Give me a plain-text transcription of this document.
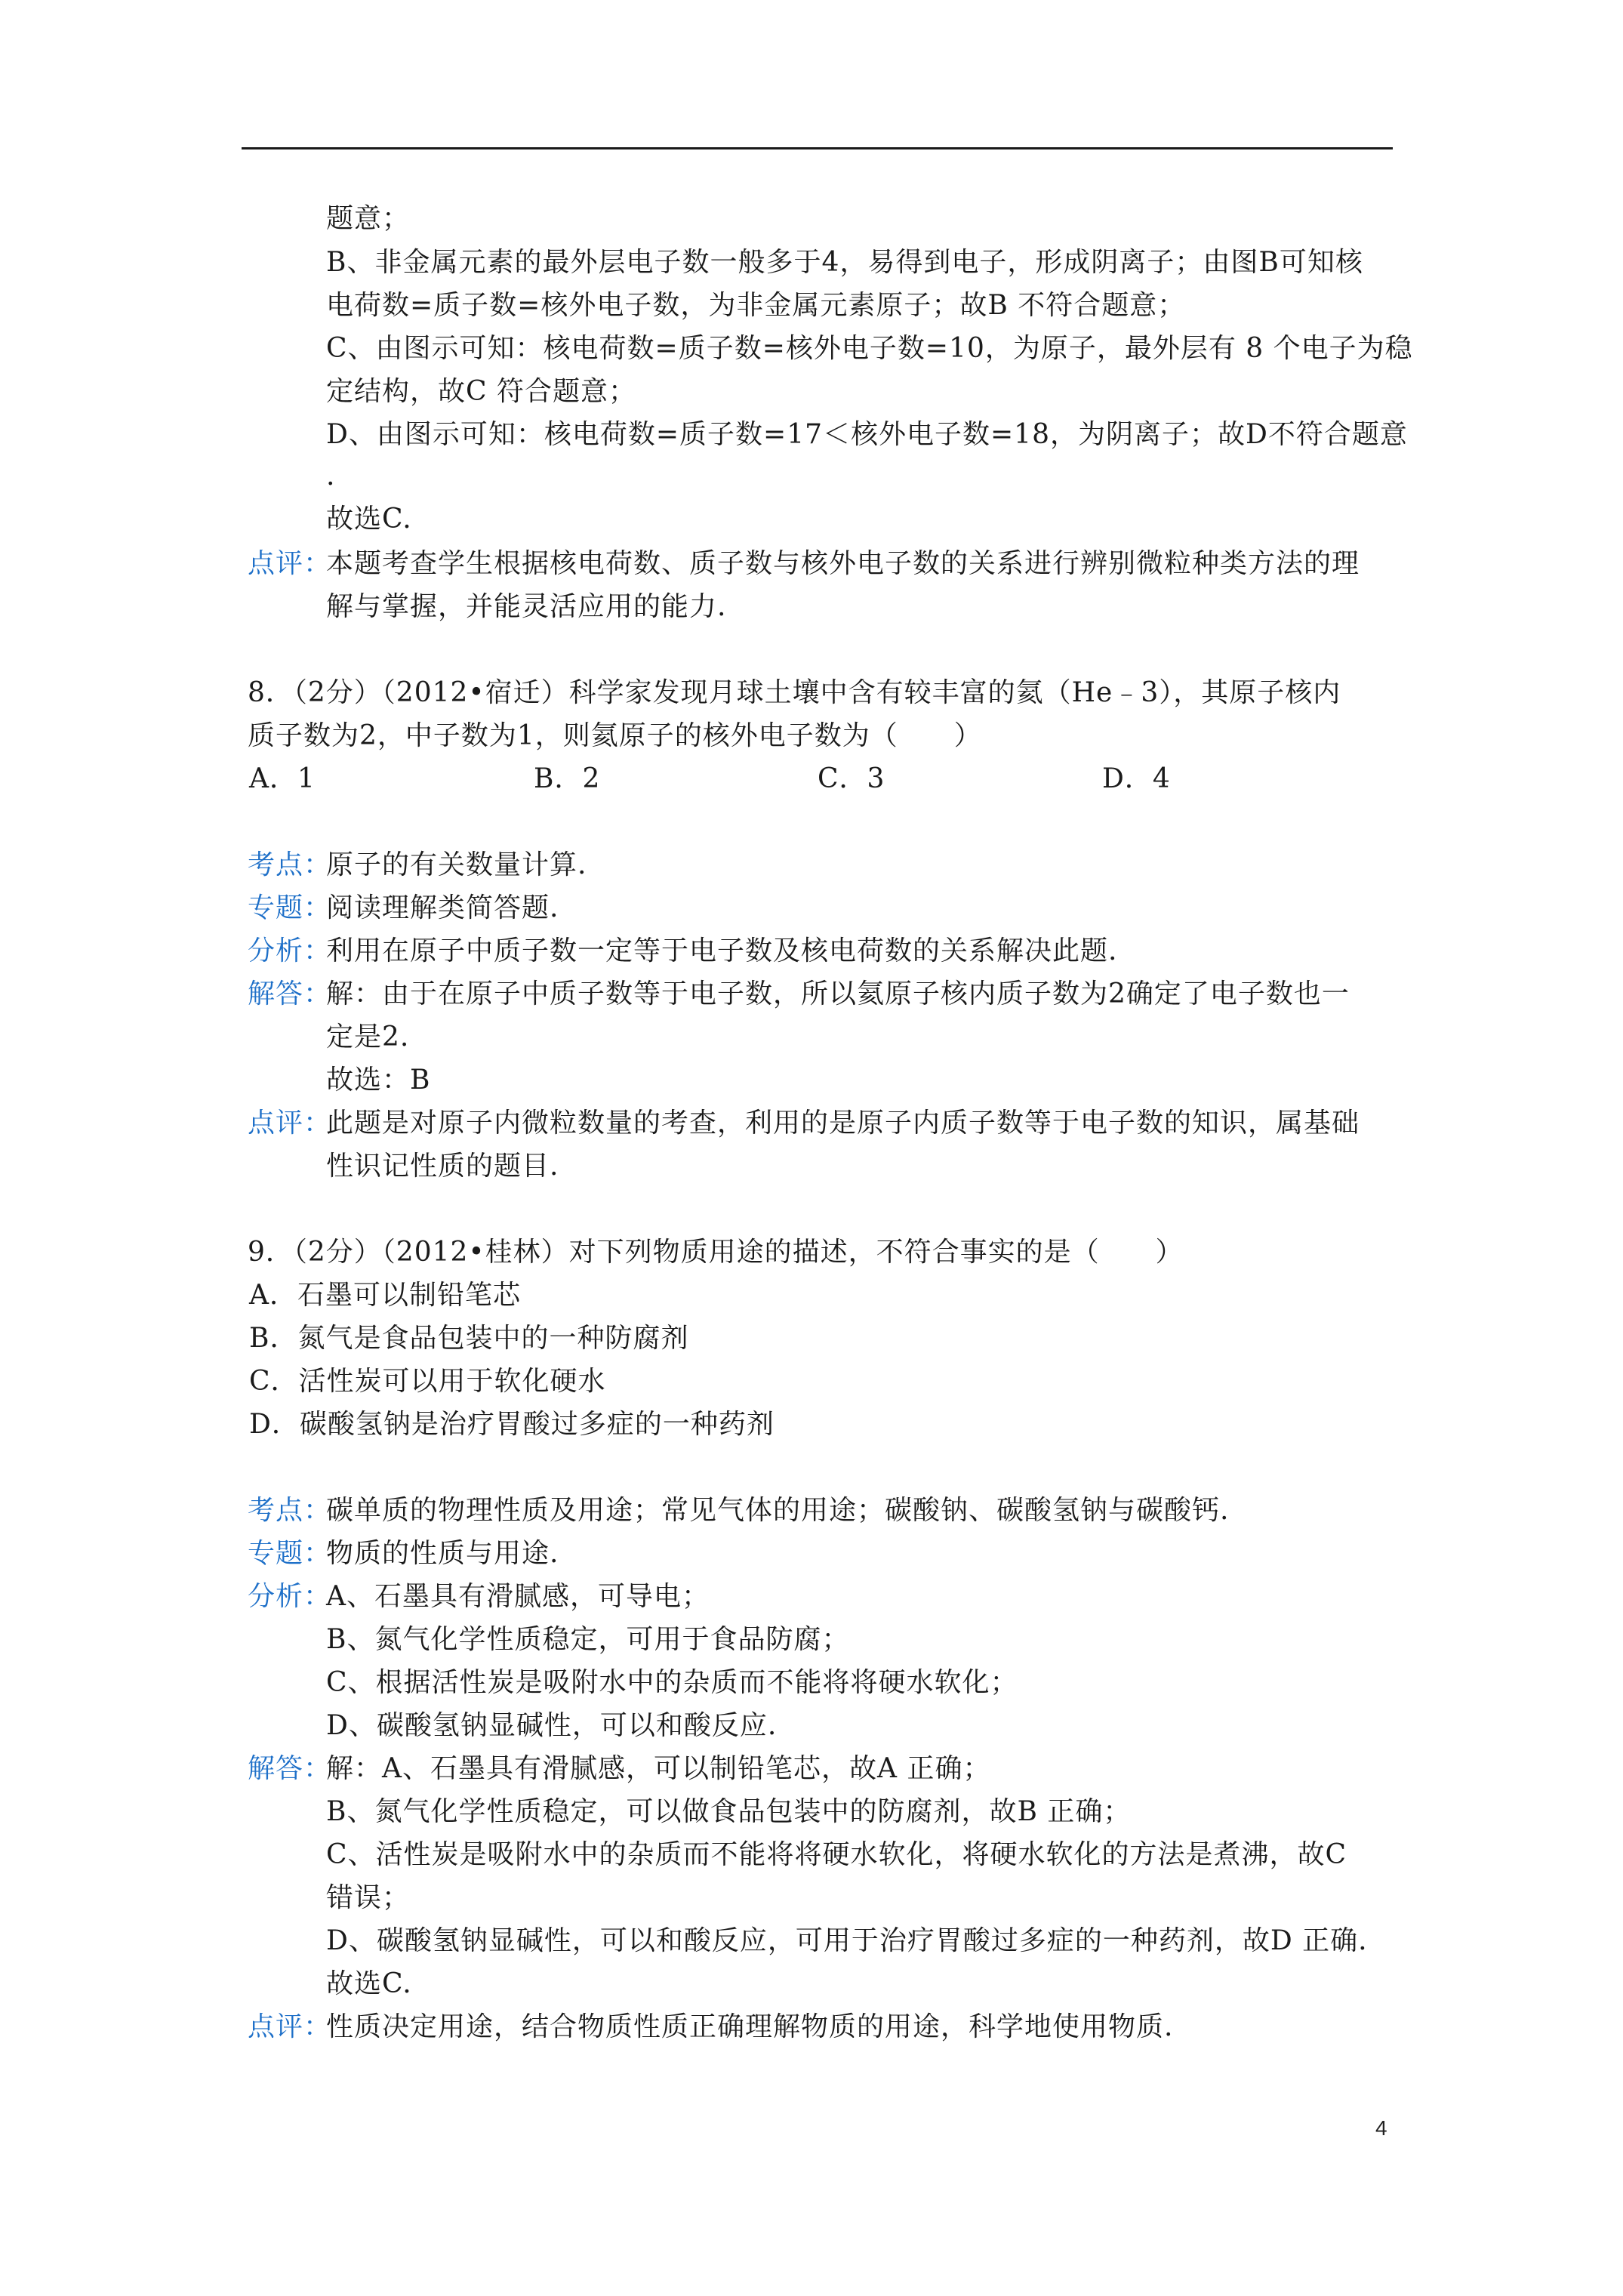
题意；
B、非金属元素的最外层电子数一般多于4，易得到电子，形成阴离子；由图B可知核
电荷数=质子数=核外电子数，为非金属元素原子；故B 不符合题意；
C、由图示可知：核电荷数=质子数=核外电子数=10，为原子，最外层有 8 个电子为稳
定结构，故C 符合题意；
D、由图示可知：核电荷数=质子数=17＜核外电子数=18，为阴离子；故D不符合题意
.
故选C.
点评：
本题考查学生根据核电荷数、质子数与核外电子数的关系进行辨别微粒种类方法的理
解与掌握，并能灵活应用的能力.
8．（2分）（2012•宿迁）科学家发现月球土壤中含有较丰富的氦（He﹣3），其原子核内
质子数为2，中子数为1，则氦原子的核外电子数为（　　）
A．1	B．2	C．3	D．4
考点：
原子的有关数量计算.
专题：
阅读理解类简答题.
分析：
利用在原子中质子数一定等于电子数及核电荷数的关系解决此题.
解答：
解：由于在原子中质子数等于电子数，所以氦原子核内质子数为2确定了电子数也一
定是2.
故选：B
点评：
此题是对原子内微粒数量的考查，利用的是原子内质子数等于电子数的知识，属基础
性识记性质的题目.
9．（2分）（2012•桂林）对下列物质用途的描述，不符合事实的是（　　）
A．石墨可以制铅笔芯
B．氮气是食品包装中的一种防腐剂
C．活性炭可以用于软化硬水
D．碳酸氢钠是治疗胃酸过多症的一种药剂
考点：
碳单质的物理性质及用途；常见气体的用途；碳酸钠、碳酸氢钠与碳酸钙.
专题：
物质的性质与用途.
分析：
A、石墨具有滑腻感，可导电；
B、氮气化学性质稳定，可用于食品防腐；
C、根据活性炭是吸附水中的杂质而不能将将硬水软化；
D、碳酸氢钠显碱性，可以和酸反应.
解答：
解：A、石墨具有滑腻感，可以制铅笔芯，故A 正确；
B、氮气化学性质稳定，可以做食品包装中的防腐剂，故B 正确；
C、活性炭是吸附水中的杂质而不能将将硬水软化，将硬水软化的方法是煮沸，故C
错误；
D、碳酸氢钠显碱性，可以和酸反应，可用于治疗胃酸过多症的一种药剂，故D 正确.
故选C.
点评：
性质决定用途，结合物质性质正确理解物质的用途，科学地使用物质.
4
